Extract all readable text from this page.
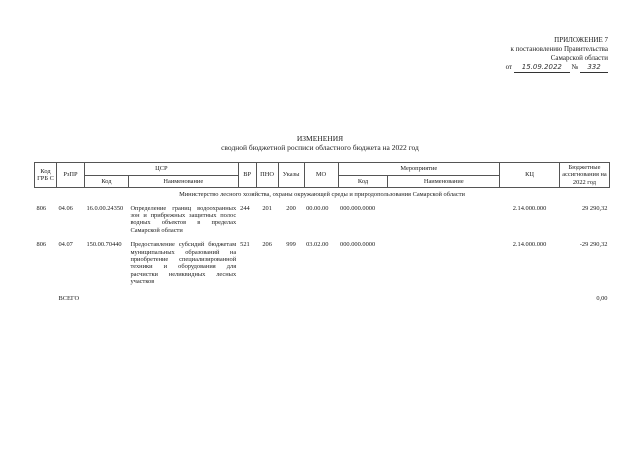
ПРИЛОЖЕНИЕ 7
к постановлению Правительства
Самарской области
от 15.09.2022 № 332
ИЗМЕНЕНИЯ
сводной бюджетной росписи областного бюджета на 2022 год
Код ГРБ С	РзПР	ЦСР		ВР	ПНО	Указы	МО	Мероприятие		КЦ	Бюджетные ассигнования на 2022 год
		Код	Наименование					Код	Наименование		
Министерство лесного хозяйства, охраны окружающей среды и природопользования Самарской области											
806	04.06	16.0.00.24350	Определение границ водоохранных зон и прибрежных защитных полос водных объектов в пределах Самарской области	244	201	200	00.00.00	000.000.0000		2.14.000.000	29 290,32
806	04.07	150.00.70440	Предоставление субсидий бюджетам муниципальных образований на приобретение специализированной техники и оборудования для расчистки неликвидных лесных участков	521	206	999	03.02.00	000.000.0000		2.14.000.000	-29 290,32
ВСЕГО											0,00
